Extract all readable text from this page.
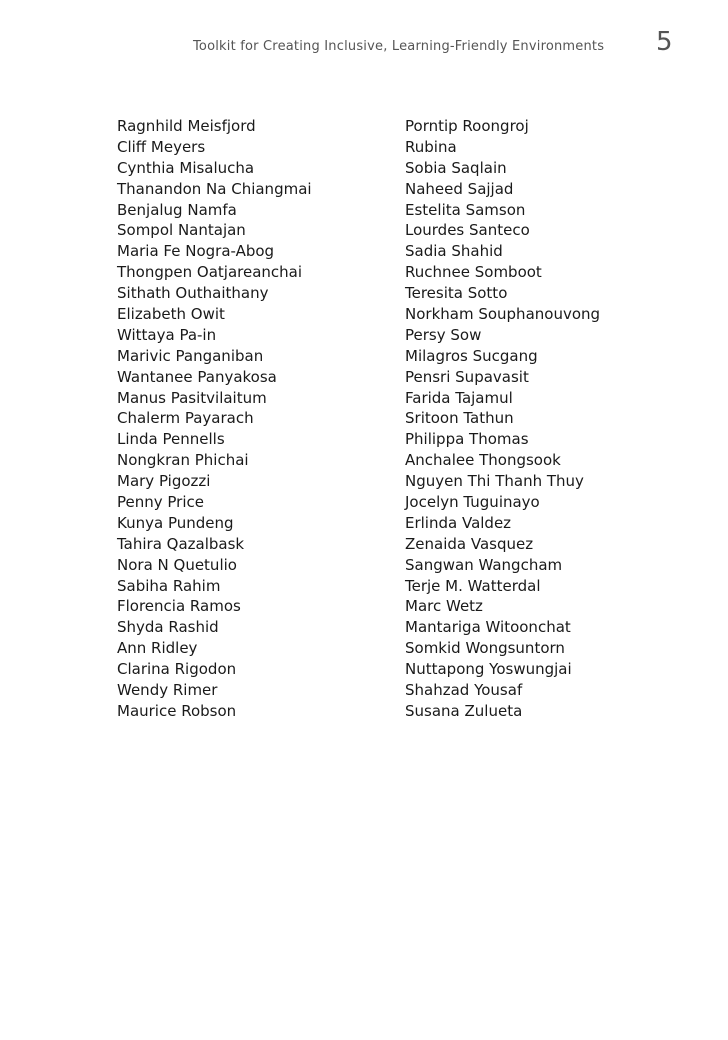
Toolkit for Creating Inclusive, Learning-Friendly Environments 5
Ragnhild Meisfjord
Cliff Meyers
Cynthia Misalucha
Thanandon Na Chiangmai
Benjalug Namfa
Sompol Nantajan
Maria Fe Nogra-Abog
Thongpen Oatjareanchai
Sithath Outhaithany
Elizabeth Owit
Wittaya Pa-in
Marivic Panganiban
Wantanee Panyakosa
Manus Pasitvilaitum
Chalerm Payarach
Linda Pennells
Nongkran Phichai
Mary Pigozzi
Penny Price
Kunya Pundeng
Tahira Qazalbask
Nora N Quetulio
Sabiha Rahim
Florencia Ramos
Shyda Rashid
Ann Ridley
Clarina Rigodon
Wendy Rimer
Maurice Robson
Porntip Roongroj
Rubina
Sobia Saqlain
Naheed Sajjad
Estelita Samson
Lourdes Santeco
Sadia Shahid
Ruchnee Somboot
Teresita Sotto
Norkham Souphanouvong
Persy Sow
Milagros Sucgang
Pensri Supavasit
Farida Tajamul
Sritoon Tathun
Philippa Thomas
Anchalee Thongsook
Nguyen Thi Thanh Thuy
Jocelyn Tuguinayo
Erlinda Valdez
Zenaida Vasquez
Sangwan Wangcham
Terje M. Watterdal
Marc Wetz
Mantariga Witoonchat
Somkid Wongsuntorn
Nuttapong Yoswungjai
Shahzad Yousaf
Susana Zulueta
